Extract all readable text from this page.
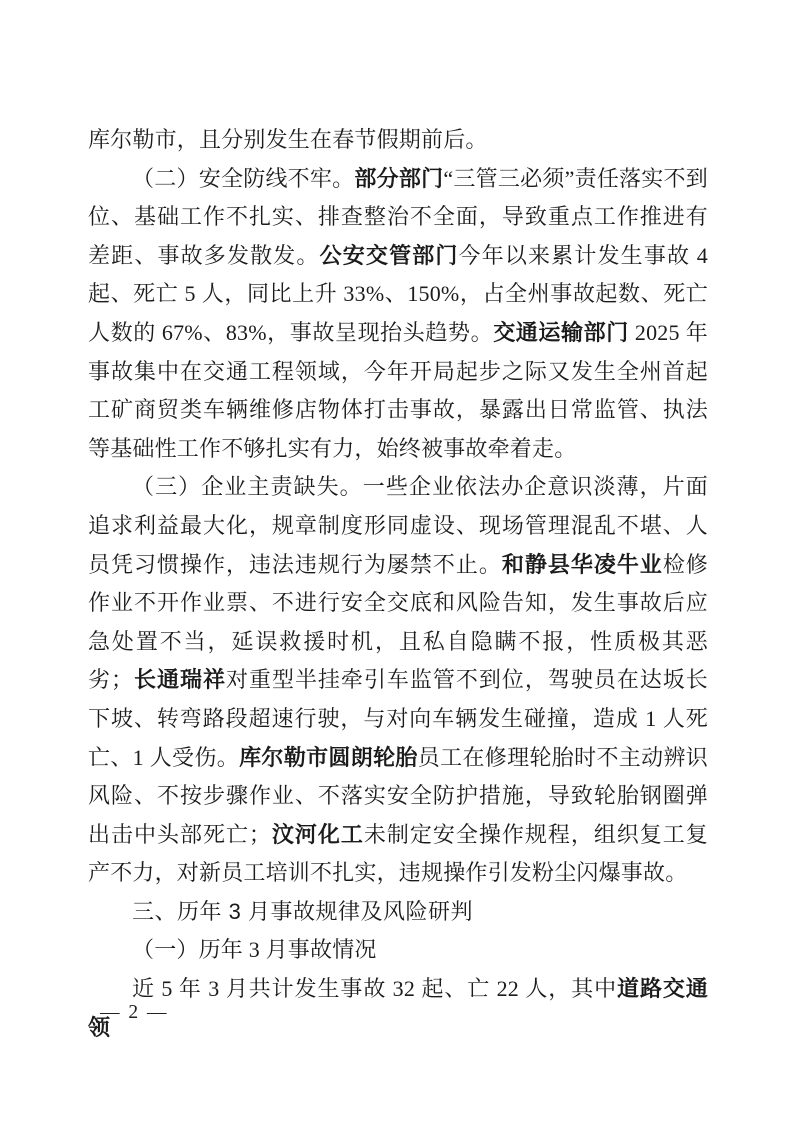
库尔勒市，且分别发生在春节假期前后。

（二）安全防线不牢。部分部门“三管三必须”责任落实不到位、基础工作不扎实、排查整治不全面，导致重点工作推进有差距、事故多发散发。公安交管部门今年以来累计发生事故 4 起、死亡 5 人，同比上升 33%、150%，占全州事故起数、死亡人数的 67%、83%，事故呈现抬头趋势。交通运输部门 2025 年事故集中在交通工程领域，今年开局起步之际又发生全州首起工矿商贸类车辆维修店物体打击事故，暴露出日常监管、执法等基础性工作不够扎实有力，始终被事故牵着走。

（三）企业主责缺失。一些企业依法办企意识淡薄，片面追求利益最大化，规章制度形同虚设、现场管理混乱不堪、人员凭习惯操作，违法违规行为屡禁不止。和静县华凌牛业检修作业不开作业票、不进行安全交底和风险告知，发生事故后应急处置不当，延误救援时机，且私自隐瞒不报，性质极其恶劣；长通瑞祥对重型半挂牵引车监管不到位，驾驶员在达坂长下坡、转弯路段超速行驶，与对向车辆发生碰撞，造成 1 人死亡、1 人受伤。库尔勒市圆朗轮胎员工在修理轮胎时不主动辨识风险、不按步骤作业、不落实安全防护措施，导致轮胎钢圈弹出击中头部死亡；汶河化工未制定安全操作规程，组织复工复产不力，对新员工培训不扎实，违规操作引发粉尘闪爆事故。

三、历年 3 月事故规律及风险研判

（一）历年 3 月事故情况

近 5 年 3 月共计发生事故 32 起、亡 22 人，其中道路交通领

— 2 —
